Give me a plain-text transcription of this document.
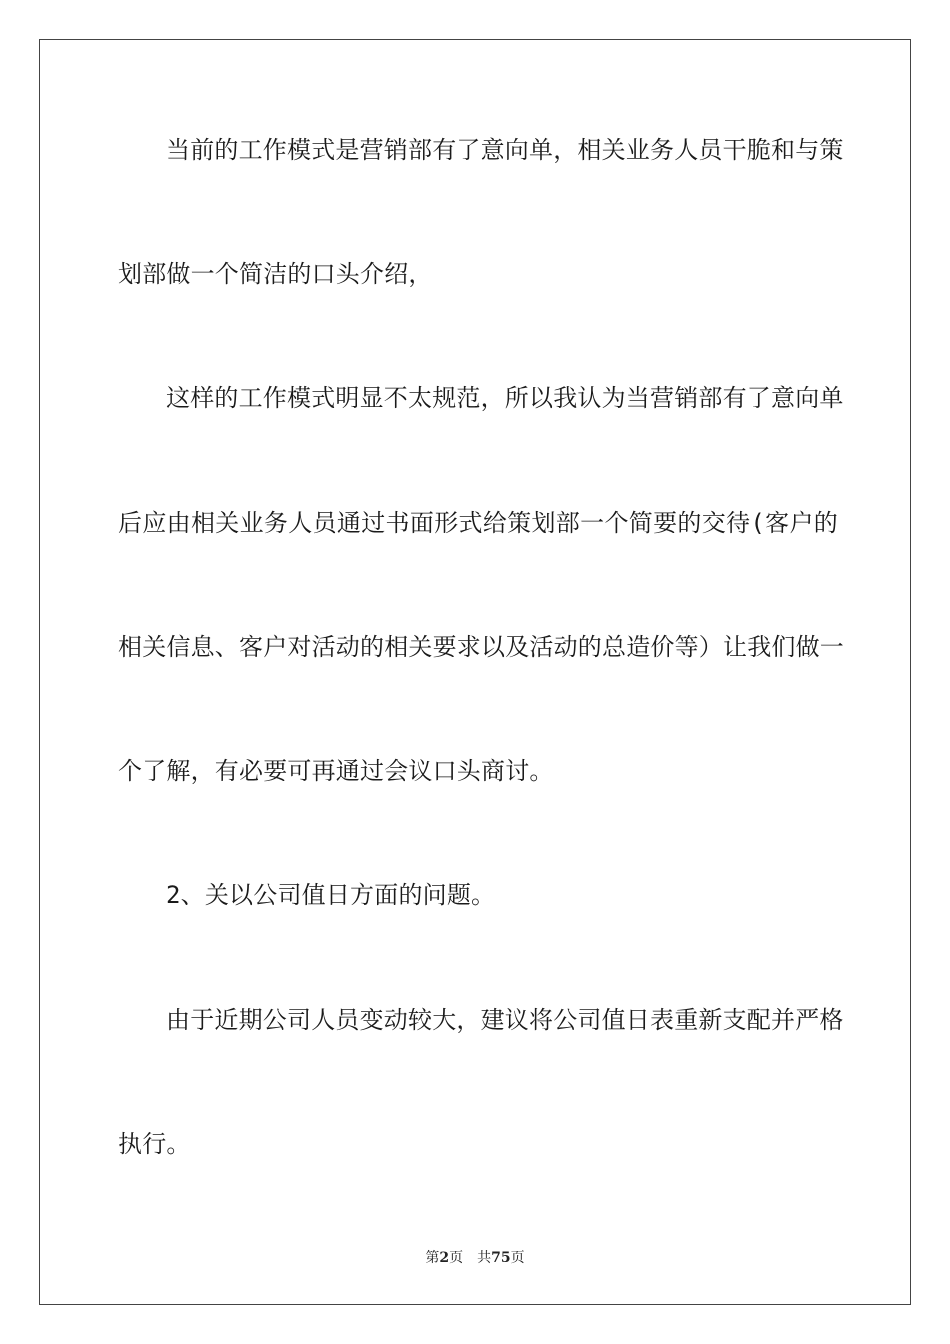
当前的工作模式是营销部有了意向单，相关业务人员干脆和与策

划部做一个简洁的口头介绍，

这样的工作模式明显不太规范，所以我认为当营销部有了意向单

后应由相关业务人员通过书面形式给策划部一个简要的交待(客户的

相关信息、客户对活动的相关要求以及活动的总造价等）让我们做一

个了解，有必要可再通过会议口头商讨。

2、关以公司值日方面的问题。

由于近期公司人员变动较大，建议将公司值日表重新支配并严格

执行。

第2页 共75页
